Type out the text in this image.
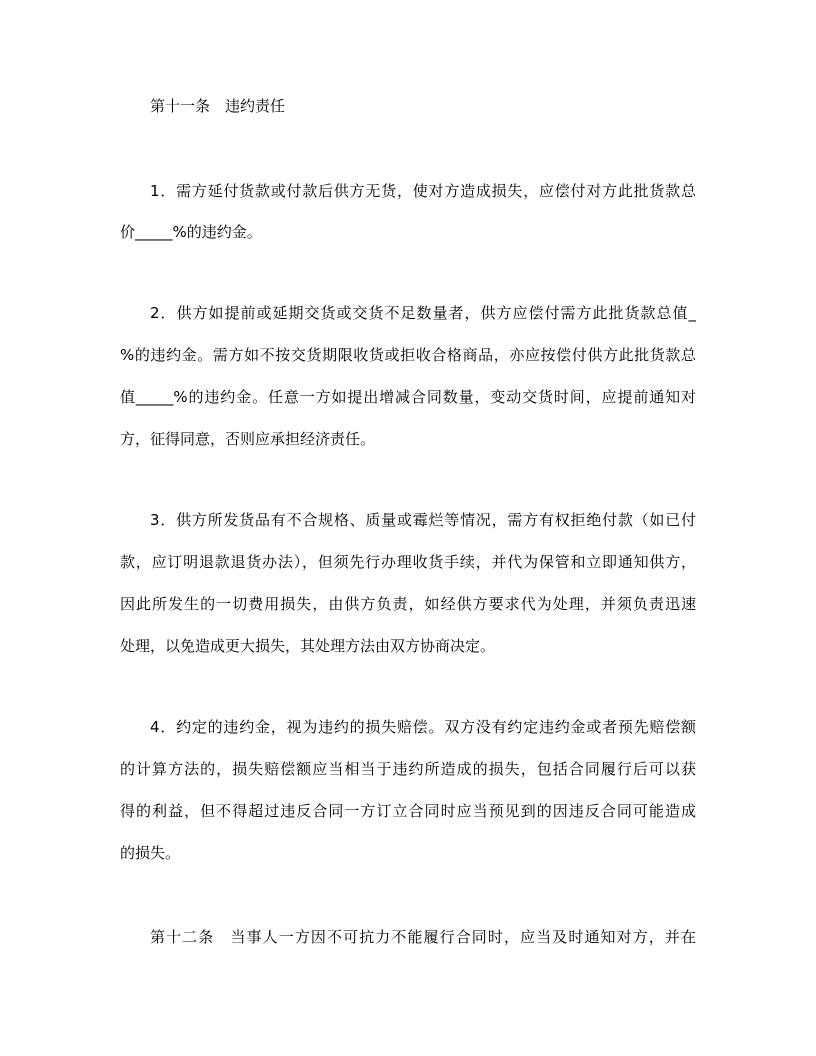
第十一条　违约责任
1．需方延付货款或付款后供方无货，使对方造成损失，应偿付对方此批货款总
价_____%的违约金。
2．供方如提前或延期交货或交货不足数量者，供方应偿付需方此批货款总值_
%的违约金。需方如不按交货期限收货或拒收合格商品，亦应按偿付供方此批货款总
值_____%的违约金。任意一方如提出增减合同数量，变动交货时间，应提前通知对
方，征得同意，否则应承担经济责任。
3．供方所发货品有不合规格、质量或霉烂等情况，需方有权拒绝付款（如已付
款，应订明退款退货办法），但须先行办理收货手续，并代为保管和立即通知供方，
因此所发生的一切费用损失，由供方负责，如经供方要求代为处理，并须负责迅速
处理，以免造成更大损失，其处理方法由双方协商决定。
4．约定的违约金，视为违约的损失赔偿。双方没有约定违约金或者预先赔偿额
的计算方法的，损失赔偿额应当相当于违约所造成的损失，包括合同履行后可以获
得的利益，但不得超过违反合同一方订立合同时应当预见到的因违反合同可能造成
的损失。
第十二条　当事人一方因不可抗力不能履行合同时，应当及时通知对方，并在
